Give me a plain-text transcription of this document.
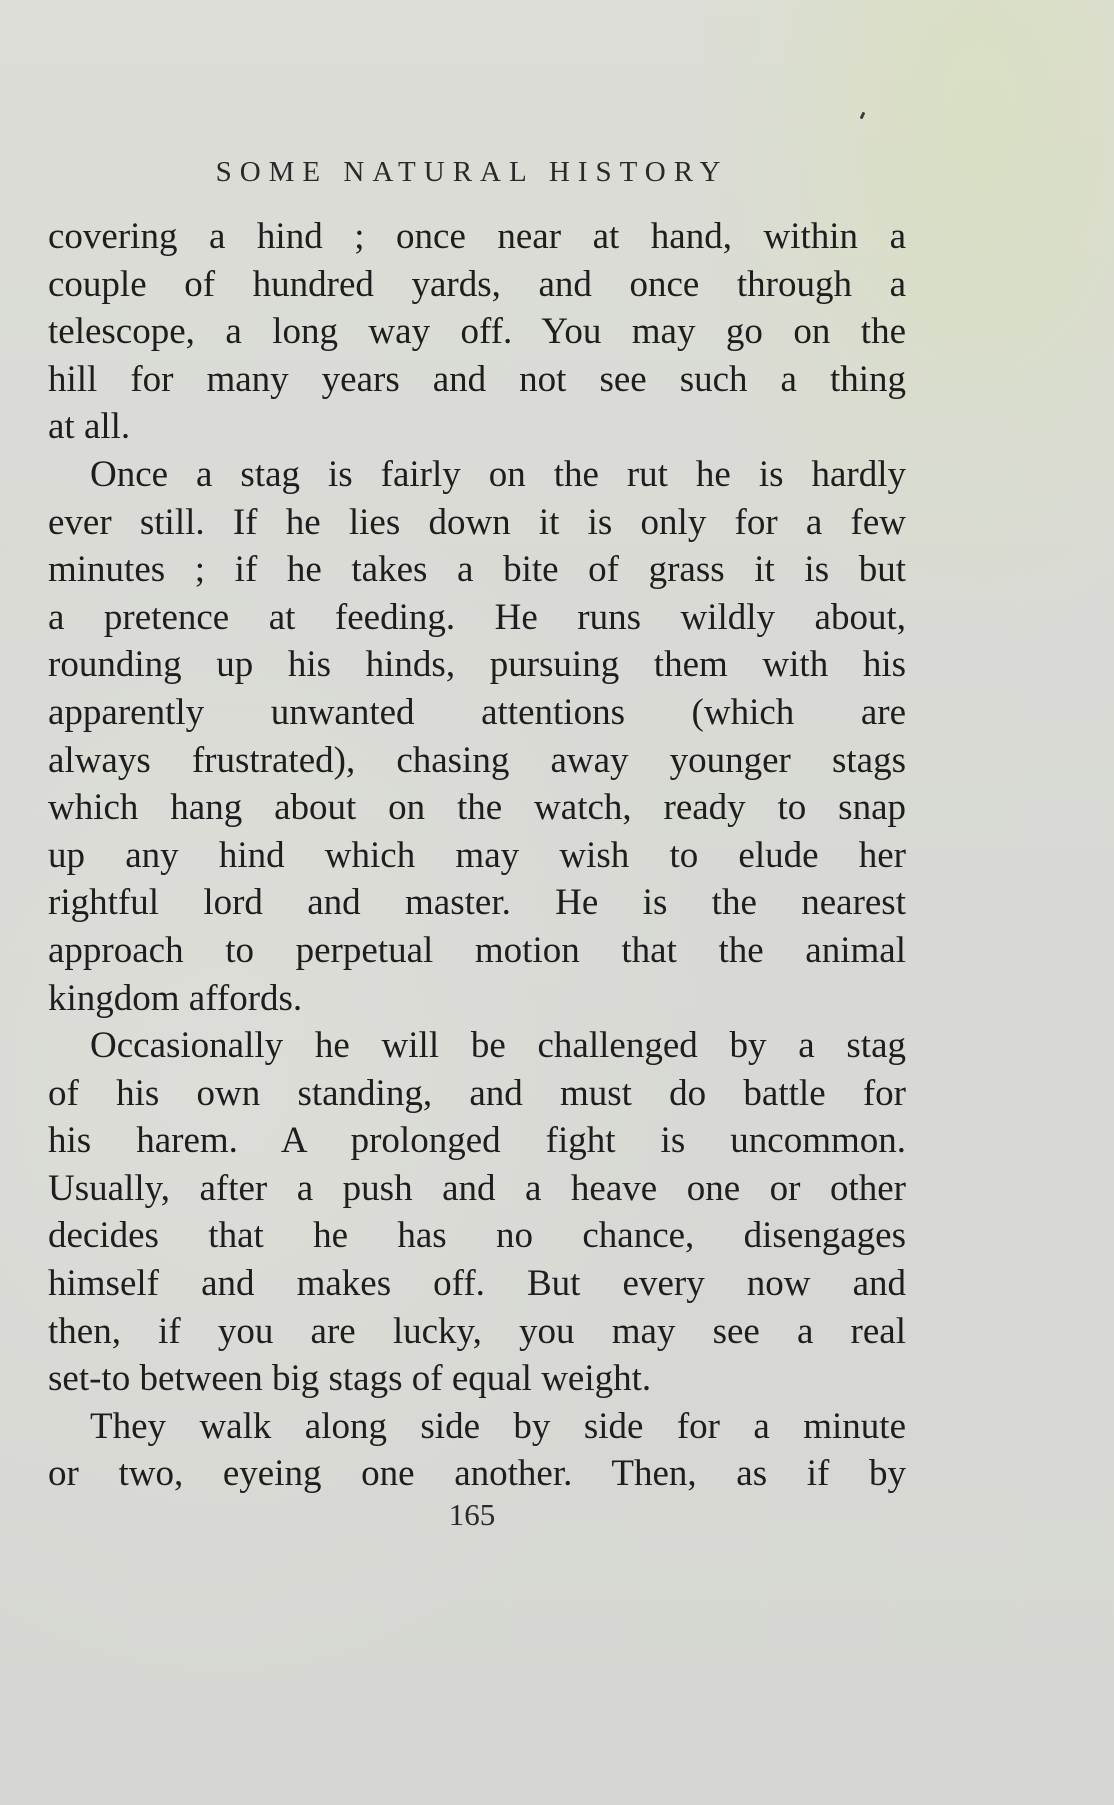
SOME NATURAL HISTORY
covering a hind ; once near at hand, within a
couple of hundred yards, and once through a
telescope, a long way off. You may go on the
hill for many years and not see such a thing
at all.
Once a stag is fairly on the rut he is hardly
ever still. If he lies down it is only for a few
minutes ; if he takes a bite of grass it is but
a pretence at feeding. He runs wildly about,
rounding up his hinds, pursuing them with his
apparently unwanted attentions (which are
always frustrated), chasing away younger stags
which hang about on the watch, ready to snap
up any hind which may wish to elude her
rightful lord and master. He is the nearest
approach to perpetual motion that the animal
kingdom affords.
Occasionally he will be challenged by a stag
of his own standing, and must do battle for
his harem. A prolonged fight is uncommon.
Usually, after a push and a heave one or other
decides that he has no chance, disengages
himself and makes off. But every now and
then, if you are lucky, you may see a real
set-to between big stags of equal weight.
They walk along side by side for a minute
or two, eyeing one another. Then, as if by
165
